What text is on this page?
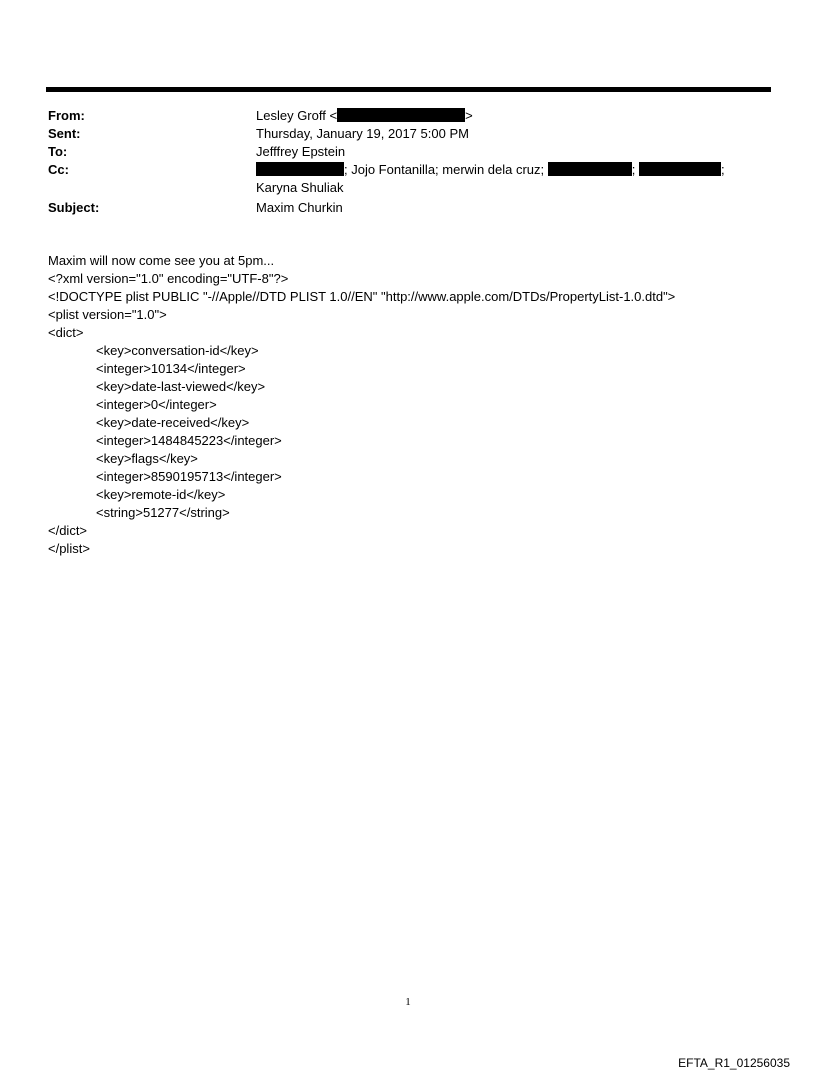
From:	Lesley Groff <	>
Sent:	Thursday, January 19, 2017 5:00 PM
To:	Jefffrey Epstein
Cc:	; Jojo Fontanilla; merwin dela cruz;	;	;
Karyna Shuliak
Subject:	Maxim Churkin
Maxim will now come see you at 5pm...
<?xml version="1.0" encoding="UTF-8"?>
<!DOCTYPE plist PUBLIC "-//Apple//DTD PLIST 1.0//EN" "http://www.apple.com/DTDs/PropertyList-1.0.dtd">
<plist version="1.0">
<dict>
<key>conversation-id</key>
<integer>10134</integer>
<key>date-last-viewed</key>
<integer>0</integer>
<key>date-received</key>
<integer>1484845223</integer>
<key>flags</key>
<integer>8590195713</integer>
<key>remote-id</key>
<string>51277</string>
</dict>
</plist>
1
EFTA_R1_01256035
